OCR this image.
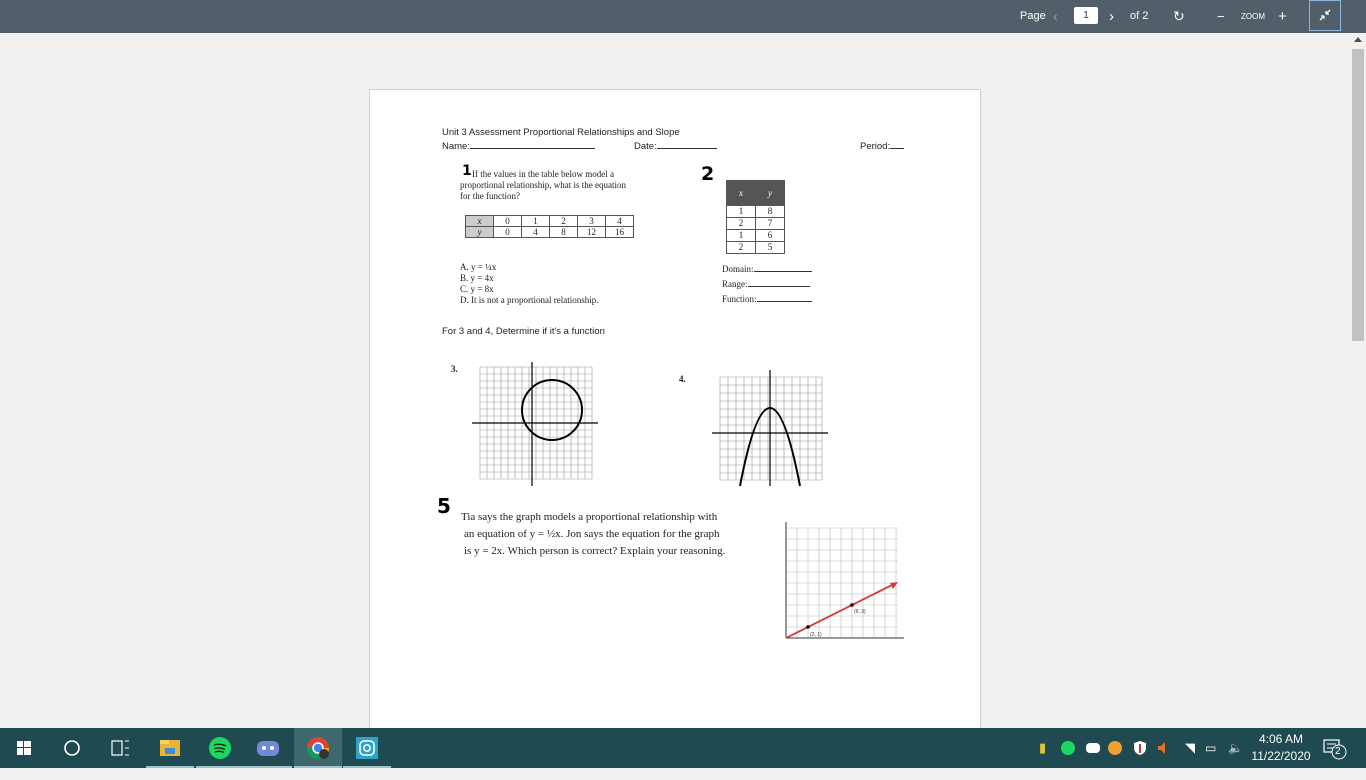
Page ‹	1	› of 2 ↻ − ZOOM +
Unit 3 Assessment Proportional Relationships and Slope
Name:	Date:	Period:
1 If the values in the table below model a
proportional relationship, what is the equation
for the function?
x	0	1	2	3	4
y	0	4	8	12	16
A. y = ¼x
B. y = 4x
C. y = 8x
D. It is not a proportional relationship.
2
x	y
1	8
2	7
1	6
2	5
Domain:
Range:
Function:
For 3 and 4, Determine if it's a function
3.
4.
5 Tia says the graph models a proportional relationship with
an equation of y = ½x. Jon says the equation for the graph
is y = 2x. Which person is correct? Explain your reasoning.
(2, 1)
(6, 3)
▮	◥ ▭ 🔈
4:06 AM
11/22/2020 2
